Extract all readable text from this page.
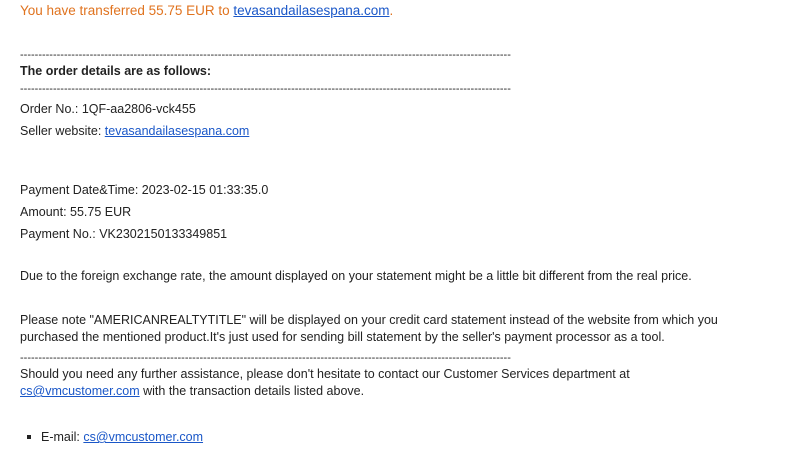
You have transferred 55.75 EUR to tevasandailasespana.com.
--------------------------------------------------------------------------------------------------------------------------------------
The order details are as follows:
--------------------------------------------------------------------------------------------------------------------------------------
Order No.: 1QF-aa2806-vck455
Seller website: tevasandailasespana.com
Payment Date&Time: 2023-02-15 01:33:35.0
Amount: 55.75 EUR
Payment No.: VK2302150133349851
Due to the foreign exchange rate, the amount displayed on your statement might be a little bit different from the real price.
Please note "AMERICANREALTYTITLE" will be displayed on your credit card statement instead of the website from which you purchased the mentioned product.It's just used for sending bill statement by the seller's payment processor as a tool.
--------------------------------------------------------------------------------------------------------------------------------------
Should you need any further assistance, please don't hesitate to contact our Customer Services department at cs@vmcustomer.com with the transaction details listed above.
E-mail: cs@vmcustomer.com
